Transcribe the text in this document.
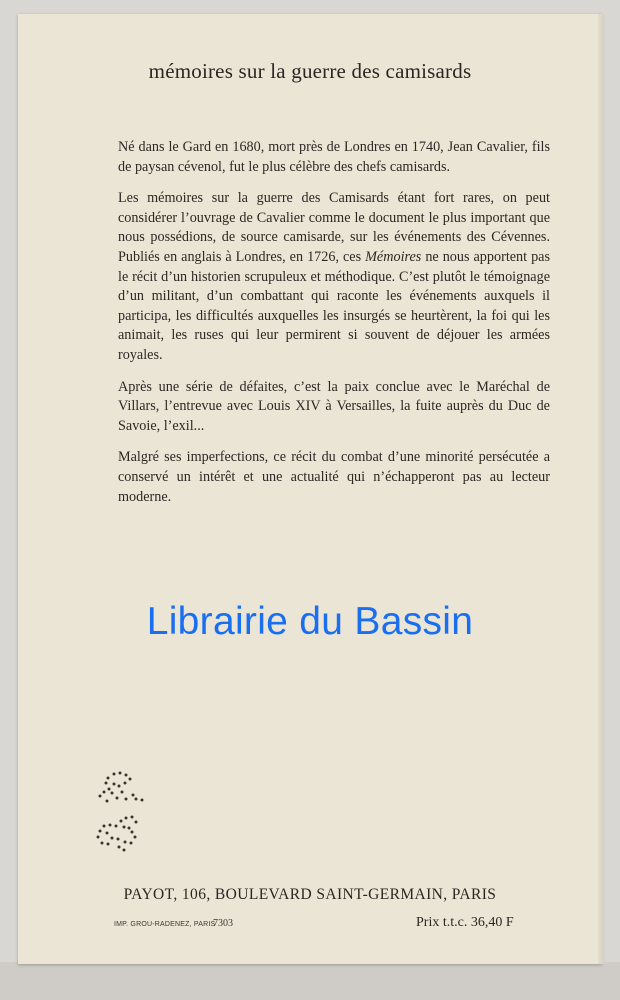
mémoires sur la guerre des camisards

Né dans le Gard en 1680, mort près de Londres en 1740, Jean Cavalier, fils de paysan cévenol, fut le plus célèbre des chefs camisards.

Les mémoires sur la guerre des Camisards étant fort rares, on peut considérer l’ouvrage de Cavalier comme le document le plus important que nous possédions, de source camisarde, sur les événements des Cévennes. Publiés en anglais à Londres, en 1726, ces Mémoires ne nous apportent pas le récit d’un historien scrupuleux et méthodique. C’est plutôt le témoignage d’un militant, d’un combattant qui raconte les événements auxquels il participa, les difficultés auxquelles les insurgés se heurtèrent, la foi qui les animait, les ruses qui leur permirent si souvent de déjouer les armées royales.

Après une série de défaites, c’est la paix conclue avec le Maréchal de Villars, l’entrevue avec Louis XIV à Versailles, la fuite auprès du Duc de Savoie, l’exil...

Malgré ses imperfections, ce récit du combat d’une minorité persécutée a conservé un intérêt et une actualité qui n’échapperont pas au lecteur moderne.

PAYOT, 106, BOULEVARD SAINT-GERMAIN, PARIS
IMP. GROU-RADENEZ, PARIS
7303	Prix t.t.c. 36,40 F
Librairie du Bassin
